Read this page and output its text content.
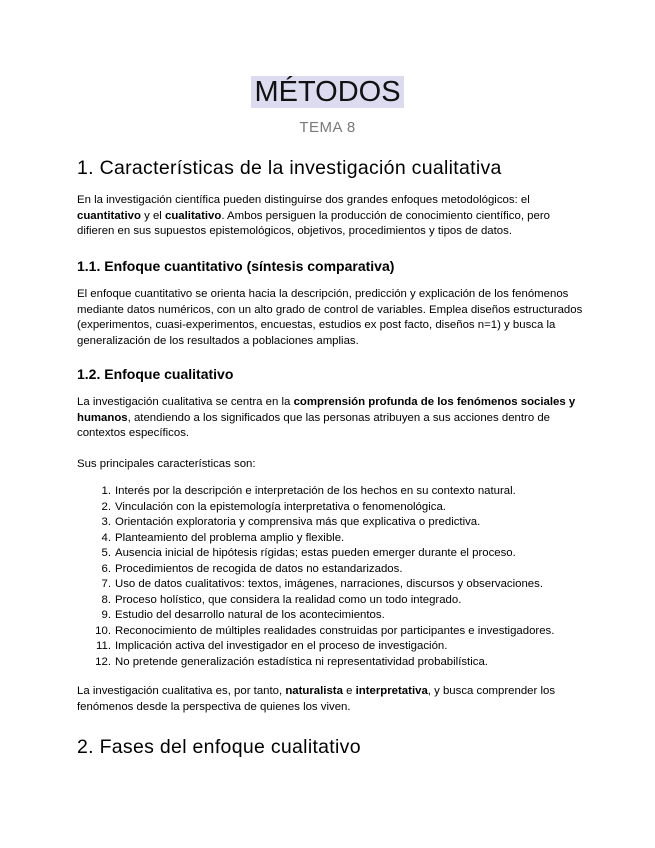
MÉTODOS
TEMA 8
1. Características de la investigación cualitativa

En la investigación científica pueden distinguirse dos grandes enfoques metodológicos: el cuantitativo y el cualitativo. Ambos persiguen la producción de conocimiento científico, pero difieren en sus supuestos epistemológicos, objetivos, procedimientos y tipos de datos.

1.1. Enfoque cuantitativo (síntesis comparativa)

El enfoque cuantitativo se orienta hacia la descripción, predicción y explicación de los fenómenos mediante datos numéricos, con un alto grado de control de variables. Emplea diseños estructurados (experimentos, cuasi-experimentos, encuestas, estudios ex post facto, diseños n=1) y busca la generalización de los resultados a poblaciones amplias.

1.2. Enfoque cualitativo

La investigación cualitativa se centra en la comprensión profunda de los fenómenos sociales y humanos, atendiendo a los significados que las personas atribuyen a sus acciones dentro de contextos específicos.

Sus principales características son:

1. Interés por la descripción e interpretación de los hechos en su contexto natural.
2. Vinculación con la epistemología interpretativa o fenomenológica.
3. Orientación exploratoria y comprensiva más que explicativa o predictiva.
4. Planteamiento del problema amplio y flexible.
5. Ausencia inicial de hipótesis rígidas; estas pueden emerger durante el proceso.
6. Procedimientos de recogida de datos no estandarizados.
7. Uso de datos cualitativos: textos, imágenes, narraciones, discursos y observaciones.
8. Proceso holístico, que considera la realidad como un todo integrado.
9. Estudio del desarrollo natural de los acontecimientos.
10. Reconocimiento de múltiples realidades construidas por participantes e investigadores.
11. Implicación activa del investigador en el proceso de investigación.
12. No pretende generalización estadística ni representatividad probabilística.

La investigación cualitativa es, por tanto, naturalista e interpretativa, y busca comprender los fenómenos desde la perspectiva de quienes los viven.

2. Fases del enfoque cualitativo
